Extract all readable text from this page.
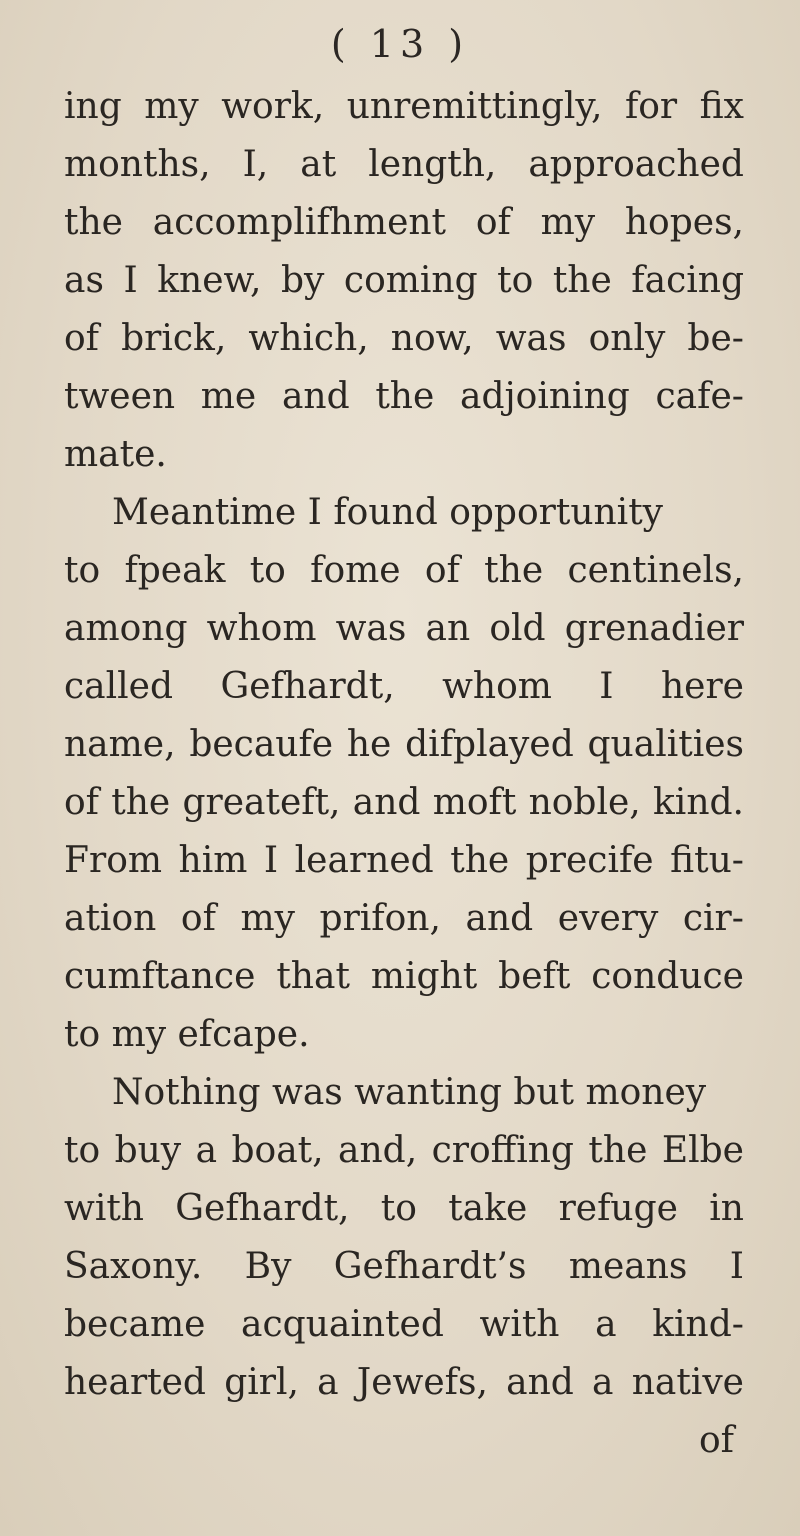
( 13 )
ing my work, unremittingly, for fix
months, I, at length, approached
the accomplifhment of my hopes,
as I knew, by coming to the facing
of brick, which, now, was only be-
tween me and the adjoining cafe-
mate.
Meantime I found opportunity
to fpeak to fome of the centinels,
among whom was an old grenadier
called Gefhardt, whom I here
name, becaufe he difplayed qualities
of the greateft, and moft noble, kind.
From him I learned the precife fitu-
ation of my prifon, and every cir-
cumftance that might beft conduce
to my efcape.
Nothing was wanting but money
to buy a boat, and, croffing the Elbe
with Gefhardt, to take refuge in
Saxony. By Gefhardt’s means I
became acquainted with a kind-
hearted girl, a Jewefs, and a native
of
